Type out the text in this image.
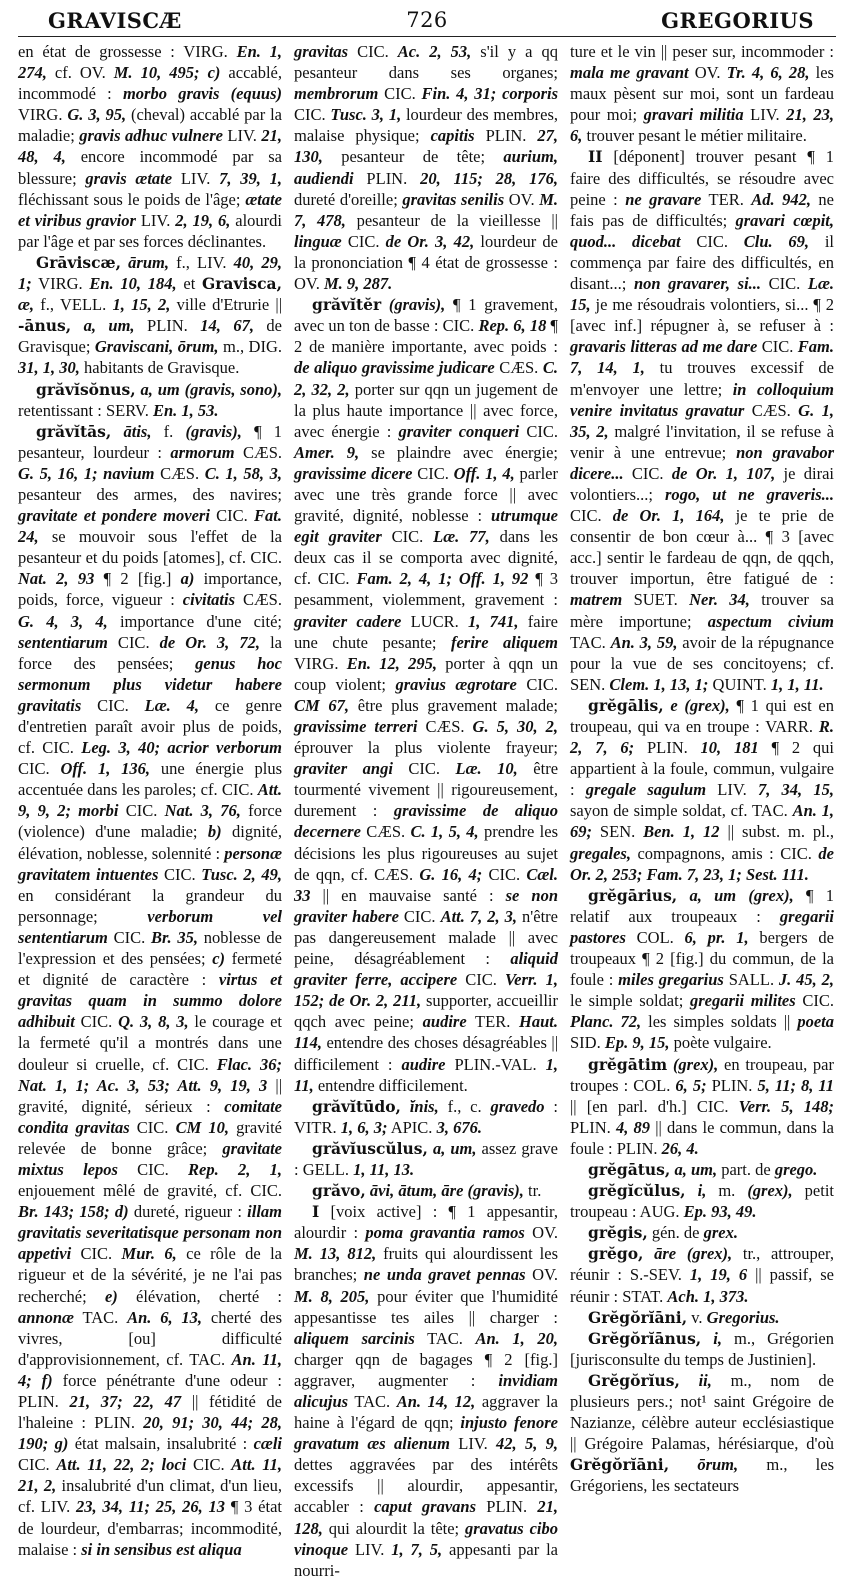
GRAVISCÆ	726	GREGORIUS

en état de grossesse : VIRG. En. 1, 274, cf. OV. M. 10, 495; c) accablé, incommodé : morbo gravis (equus) VIRG. G. 3, 95, (cheval) accablé par la maladie; gravis adhuc vulnere LIV. 21, 48, 4, encore incommodé par sa blessure; gravis ætate LIV. 7, 39, 1, fléchissant sous le poids de l'âge; ætate et viribus gravior LIV. 2, 19, 6, alourdi par l'âge et par ses forces déclinantes.

Grāviscæ, ārum, f., LIV. 40, 29, 1; VIRG. En. 10, 184, et Gravisca, æ, f., VELL. 1, 15, 2, ville d'Etrurie || -ānus, a, um, PLIN. 14, 67, de Gravisque; Graviscani, ōrum, m., DIG. 31, 1, 30, habitants de Gravisque.

grăvĭsŏnus, a, um (gravis, sono), retentissant : SERV. En. 1, 53.

grăvĭtās, ātis, f. (gravis), ¶ 1 pesanteur, lourdeur : armorum CÆS. G. 5, 16, 1; navium CÆS. C. 1, 58, 3, pesanteur des armes, des navires; gravitate et pondere moveri CIC. Fat. 24, se mouvoir sous l'effet de la pesanteur et du poids [atomes], cf. CIC. Nat. 2, 93 ¶ 2 [fig.] a) importance, poids, force, vigueur : civitatis CÆS. G. 4, 3, 4, importance d'une cité; sententiarum CIC. de Or. 3, 72, la force des pensées; genus hoc sermonum plus videtur habere gravitatis CIC. Læ. 4, ce genre d'entretien paraît avoir plus de poids, cf. CIC. Leg. 3, 40; acrior verborum CIC. Off. 1, 136, une énergie plus accentuée dans les paroles; cf. CIC. Att. 9, 9, 2; morbi CIC. Nat. 3, 76, force (violence) d'une maladie; b) dignité, élévation, noblesse, solennité : personæ gravitatem intuentes CIC. Tusc. 2, 49, en considérant la grandeur du personnage; verborum vel sententiarum CIC. Br. 35, noblesse de l'expression et des pensées; c) fermeté et dignité de caractère : virtus et gravitas quam in summo dolore adhibuit CIC. Q. 3, 8, 3, le courage et la fermeté qu'il a montrés dans une douleur si cruelle, cf. CIC. Flac. 36; Nat. 1, 1; Ac. 3, 53; Att. 9, 19, 3 || gravité, dignité, sérieux : comitate condita gravitas CIC. CM 10, gravité relevée de bonne grâce; gravitate mixtus lepos CIC. Rep. 2, 1, enjouement mêlé de gravité, cf. CIC. Br. 143; 158; d) dureté, rigueur : illam gravitatis severitatisque personam non appetivi CIC. Mur. 6, ce rôle de la rigueur et de la sévérité, je ne l'ai pas recherché; e) élévation, cherté : annonæ TAC. An. 6, 13, cherté des vivres, [ou] difficulté d'approvisionnement, cf. TAC. An. 11, 4; f) force pénétrante d'une odeur : PLIN. 21, 37; 22, 47 || fétidité de l'haleine : PLIN. 20, 91; 30, 44; 28, 190; g) état malsain, insalubrité : cæli CIC. Att. 11, 22, 2; loci CIC. Att. 11, 21, 2, insalubrité d'un climat, d'un lieu, cf. LIV. 23, 34, 11; 25, 26, 13 ¶ 3 état de lourdeur, d'embarras; incommodité, malaise : si in sensibus est aliqua

gravitas CIC. Ac. 2, 53, s'il y a qq pesanteur dans ses organes; membrorum CIC. Fin. 4, 31; corporis CIC. Tusc. 3, 1, lourdeur des membres, malaise physique; capitis PLIN. 27, 130, pesanteur de tête; aurium, audiendi PLIN. 20, 115; 28, 176, dureté d'oreille; gravitas senilis OV. M. 7, 478, pesanteur de la vieillesse || linguæ CIC. de Or. 3, 42, lourdeur de la prononciation ¶ 4 état de grossesse : OV. M. 9, 287.

grăvĭtĕr (gravis), ¶ 1 gravement, avec un ton de basse : CIC. Rep. 6, 18 ¶ 2 de manière importante, avec poids : de aliquo gravissime judicare CÆS. C. 2, 32, 2, porter sur qqn un jugement de la plus haute importance || avec force, avec énergie : graviter conqueri CIC. Amer. 9, se plaindre avec énergie; gravissime dicere CIC. Off. 1, 4, parler avec une très grande force || avec gravité, dignité, noblesse : utrumque egit graviter CIC. Læ. 77, dans les deux cas il se comporta avec dignité, cf. CIC. Fam. 2, 4, 1; Off. 1, 92 ¶ 3 pesamment, violemment, gravement : graviter cadere LUCR. 1, 741, faire une chute pesante; ferire aliquem VIRG. En. 12, 295, porter à qqn un coup violent; gravius ægrotare CIC. CM 67, être plus gravement malade; gravissime terreri CÆS. G. 5, 30, 2, éprouver la plus violente frayeur; graviter angi CIC. Læ. 10, être tourmenté vivement || rigoureusement, durement : gravissime de aliquo decernere CÆS. C. 1, 5, 4, prendre les décisions les plus rigoureuses au sujet de qqn, cf. CÆS. G. 16, 4; CIC. Cæl. 33 || en mauvaise santé : se non graviter habere CIC. Att. 7, 2, 3, n'être pas dangereusement malade || avec peine, désagréablement : aliquid graviter ferre, accipere CIC. Verr. 1, 152; de Or. 2, 211, supporter, accueillir qqch avec peine; audire TER. Haut. 114, entendre des choses désagréables || difficilement : audire PLIN.-VAL. 1, 11, entendre difficilement.

grăvĭtūdo, ĭnis, f., c. gravedo : VITR. 1, 6, 3; APIC. 3, 676.

grăvĭuscŭlus, a, um, assez grave : GELL. 1, 11, 13.

grăvo, āvi, ātum, āre (gravis), tr.

I [voix active] : ¶ 1 appesantir, alourdir : poma gravantia ramos OV. M. 13, 812, fruits qui alourdissent les branches; ne unda gravet pennas OV. M. 8, 205, pour éviter que l'humidité appesantisse tes ailes || charger : aliquem sarcinis TAC. An. 1, 20, charger qqn de bagages ¶ 2 [fig.] aggraver, augmenter : invidiam alicujus TAC. An. 14, 12, aggraver la haine à l'égard de qqn; injusto fenore gravatum æs alienum LIV. 42, 5, 9, dettes aggravées par des intérêts excessifs || alourdir, appesantir, accabler : caput gravans PLIN. 21, 128, qui alourdit la tête; gravatus cibo vinoque LIV. 1, 7, 5, appesanti par la nourri-

ture et le vin || peser sur, incommoder : mala me gravant OV. Tr. 4, 6, 28, les maux pèsent sur moi, sont un fardeau pour moi; gravari militia LIV. 21, 23, 6, trouver pesant le métier militaire.

II [déponent] trouver pesant ¶ 1 faire des difficultés, se résoudre avec peine : ne gravare TER. Ad. 942, ne fais pas de difficultés; gravari cœpit, quod... dicebat CIC. Clu. 69, il commença par faire des difficultés, en disant...; non gravarer, si... CIC. Læ. 15, je me résoudrais volontiers, si... ¶ 2 [avec inf.] répugner à, se refuser à : gravaris litteras ad me dare CIC. Fam. 7, 14, 1, tu trouves excessif de m'envoyer une lettre; in colloquium venire invitatus gravatur CÆS. G. 1, 35, 2, malgré l'invitation, il se refuse à venir à une entrevue; non gravabor dicere... CIC. de Or. 1, 107, je dirai volontiers...; rogo, ut ne graveris... CIC. de Or. 1, 164, je te prie de consentir de bon cœur à... ¶ 3 [avec acc.] sentir le fardeau de qqn, de qqch, trouver importun, être fatigué de : matrem SUET. Ner. 34, trouver sa mère importune; aspectum civium TAC. An. 3, 59, avoir de la répugnance pour la vue de ses concitoyens; cf. SEN. Clem. 1, 13, 1; QUINT. 1, 1, 11.

grĕgālis, e (grex), ¶ 1 qui est en troupeau, qui va en troupe : VARR. R. 2, 7, 6; PLIN. 10, 181 ¶ 2 qui appartient à la foule, commun, vulgaire : gregale sagulum LIV. 7, 34, 15, sayon de simple soldat, cf. TAC. An. 1, 69; SEN. Ben. 1, 12 || subst. m. pl., gregales, compagnons, amis : CIC. de Or. 2, 253; Fam. 7, 23, 1; Sest. 111.

grĕgārius, a, um (grex), ¶ 1 relatif aux troupeaux : gregarii pastores COL. 6, pr. 1, bergers de troupeaux ¶ 2 [fig.] du commun, de la foule : miles gregarius SALL. J. 45, 2, le simple soldat; gregarii milites CIC. Planc. 72, les simples soldats || poeta SID. Ep. 9, 15, poète vulgaire.

grĕgātim (grex), en troupeau, par troupes : COL. 6, 5; PLIN. 5, 11; 8, 11 || [en parl. d'h.] CIC. Verr. 5, 148; PLIN. 4, 89 || dans le commun, dans la foule : PLIN. 26, 4.

grĕgātus, a, um, part. de grego.

grĕgĭcŭlus, i, m. (grex), petit troupeau : AUG. Ep. 93, 49.

grĕgis, gén. de grex.

grĕgo, āre (grex), tr., attrouper, réunir : S.-SEV. 1, 19, 6 || passif, se réunir : STAT. Ach. 1, 373.

Grĕgŏrĭāni, v. Gregorius.

Grĕgŏrĭānus, i, m., Grégorien [jurisconsulte du temps de Justinien].

Grĕgŏrĭus, ii, m., nom de plusieurs pers.; not¹ saint Grégoire de Nazianze, célèbre auteur ecclésiastique || Grégoire Palamas, hérésiarque, d'où Grĕgŏrĭāni, ōrum, m., les Grégoriens, les sectateurs
